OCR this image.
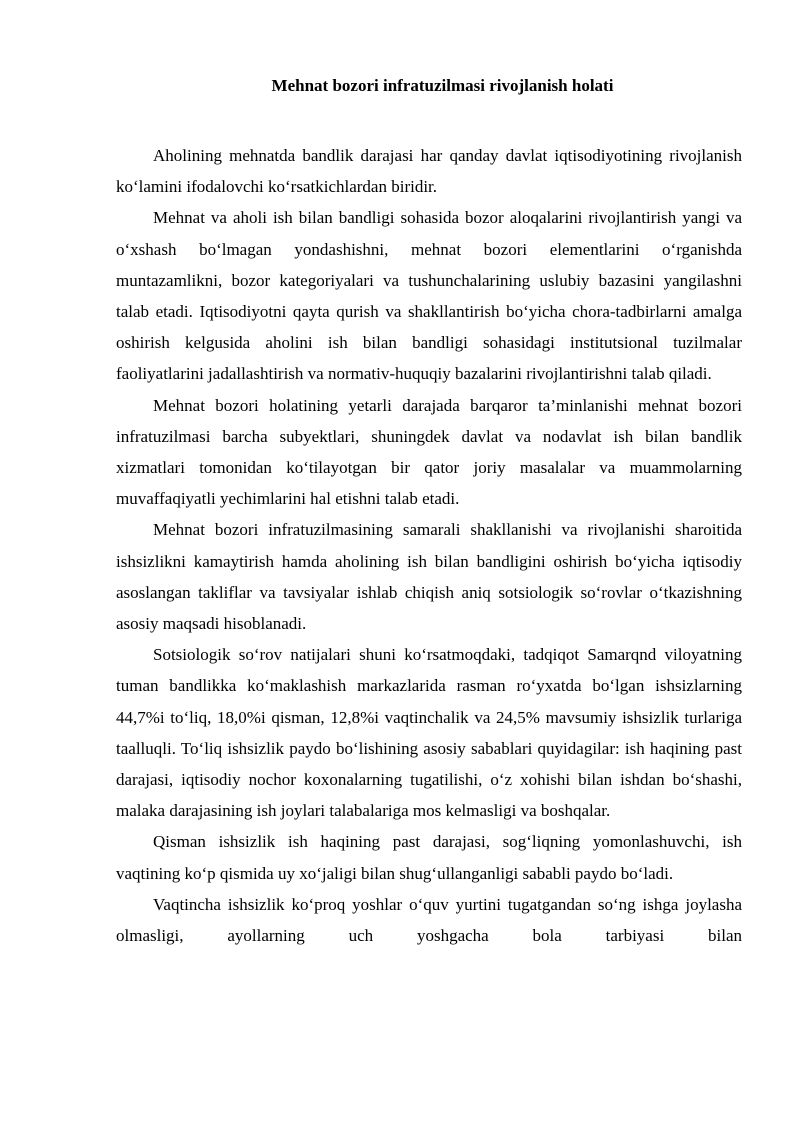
Mehnat bozori infratuzilmasi rivojlanish holati

Aholining mehnatda bandlik darajasi har qanday davlat iqtisodiyotining rivojlanish ko‘lamini ifodalovchi ko‘rsatkichlardan biridir.

Mehnat va aholi ish bilan bandligi sohasida bozor aloqalarini rivojlantirish yangi va o‘xshash bo‘lmagan yondashishni, mehnat bozori elementlarini o‘rganishda muntazamlikni, bozor kategoriyalari va tushunchalarining uslubiy bazasini yangilashni talab etadi. Iqtisodiyotni qayta qurish va shakllantirish bo‘yicha chora-tadbirlarni amalga oshirish kelgusida aholini ish bilan bandligi sohasidagi institutsional tuzilmalar faoliyatlarini jadallashtirish va normativ-huquqiy bazalarini rivojlantirishni talab qiladi.

Mehnat bozori holatining yetarli darajada barqaror ta’minlanishi mehnat bozori infratuzilmasi barcha subyektlari, shuningdek davlat va nodavlat ish bilan bandlik xizmatlari tomonidan ko‘tilayotgan bir qator joriy masalalar va muammolarning muvaffaqiyatli yechimlarini hal etishni talab etadi.

Mehnat bozori infratuzilmasining samarali shakllanishi va rivojlanishi sharoitida ishsizlikni kamaytirish hamda aholining ish bilan bandligini oshirish bo‘yicha iqtisodiy asoslangan takliflar va tavsiyalar ishlab chiqish aniq sotsiologik so‘rovlar o‘tkazishning asosiy maqsadi hisoblanadi.

Sotsiologik so‘rov natijalari shuni ko‘rsatmoqdaki, tadqiqot Samarqnd viloyatning tuman bandlikka ko‘maklashish markazlarida rasman ro‘yxatda bo‘lgan ishsizlarning 44,7%i to‘liq, 18,0%i qisman, 12,8%i vaqtinchalik va 24,5% mavsumiy ishsizlik turlariga taalluqli. To‘liq ishsizlik paydo bo‘lishining asosiy sabablari quyidagilar: ish haqining past darajasi, iqtisodiy nochor koxonalarning tugatilishi, o‘z xohishi bilan ishdan bo‘shashi, malaka darajasining ish joylari talabalariga mos kelmasligi va boshqalar.

Qisman ishsizlik ish haqining past darajasi, sog‘liqning yomonlashuvchi, ish vaqtining ko‘p qismida uy xo‘jaligi bilan shug‘ullanganligi sababli paydo bo‘ladi.

Vaqtincha ishsizlik ko‘proq yoshlar o‘quv yurtini tugatgandan so‘ng ishga joylasha olmasligi, ayollarning uch yoshgacha bola tarbiyasi bilan
